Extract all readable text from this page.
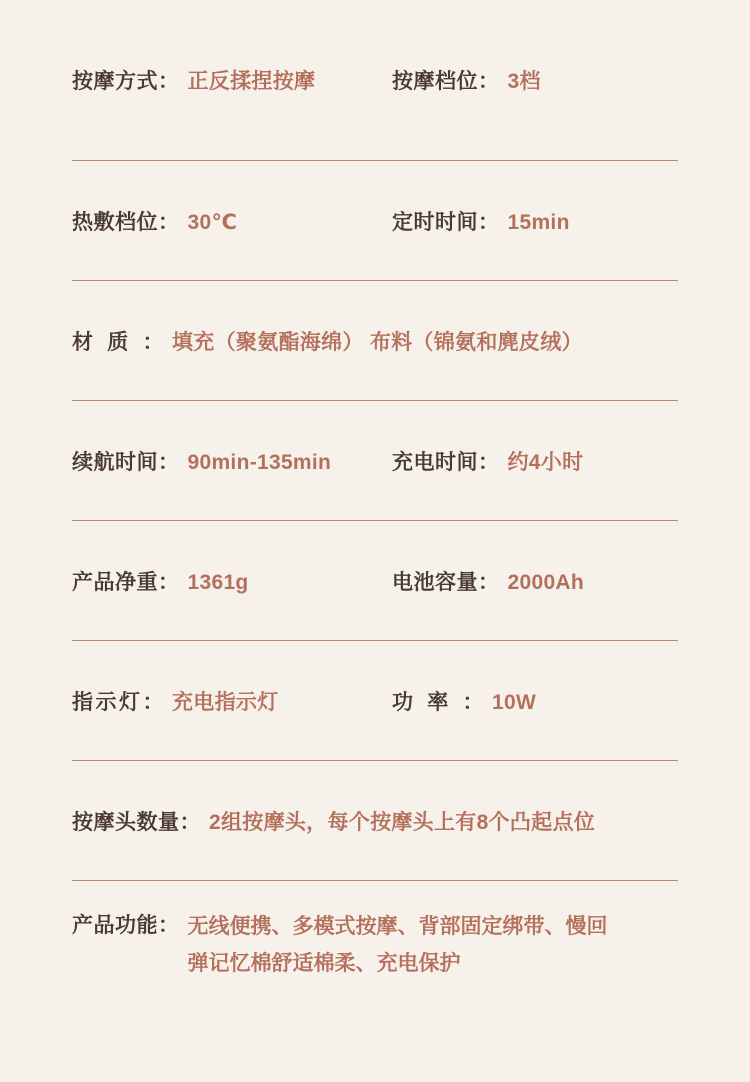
按摩方式： 正反揉捏按摩	按摩档位： 3档
热敷档位： 30℃	定时时间： 15min
材质： 填充（聚氨酯海绵） 布料（锦氨和麂皮绒）
续航时间： 90min-135min	充电时间： 约4小时
产品净重： 1361g	电池容量： 2000Ah
指示灯： 充电指示灯	功率： 10W
按摩头数量： 2组按摩头，每个按摩头上有8个凸起点位
产品功能： 无线便携、多模式按摩、背部固定绑带、慢回弹记忆棉舒适棉柔、充电保护
